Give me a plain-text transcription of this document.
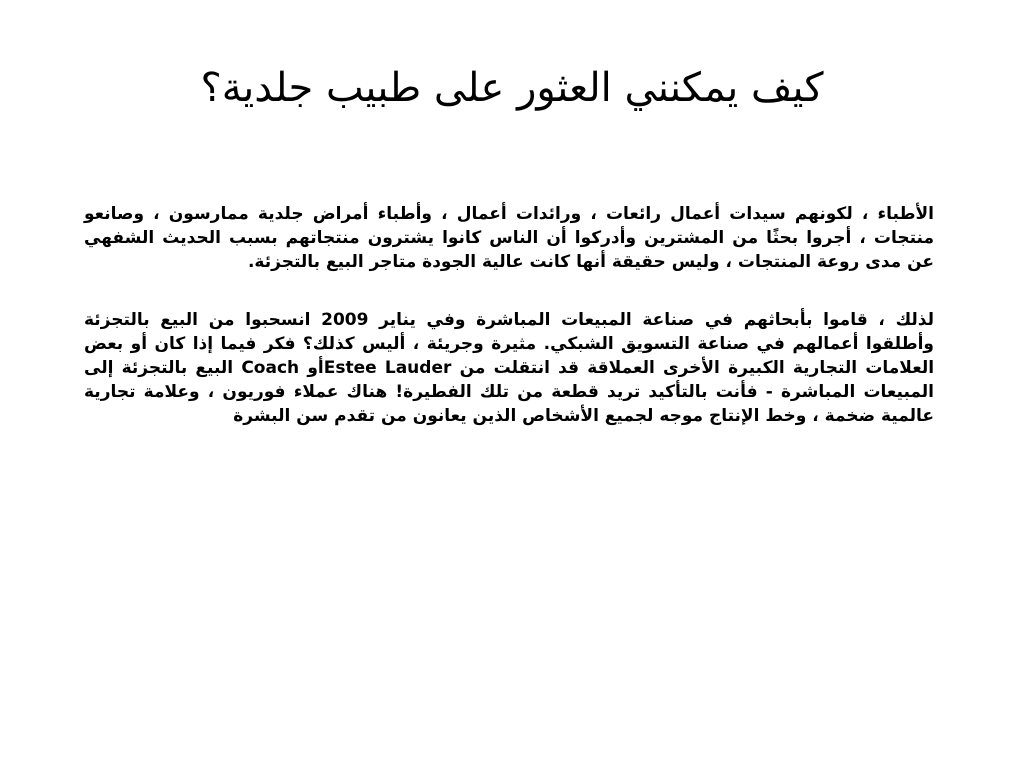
كيف يمكنني العثور على طبيب جلدية؟

الأطباء ، لكونهم سيدات أعمال رائعات ، ورائدات أعمال ، وأطباء أمراض جلدية ممارسون ، وصانعو منتجات ، أجروا بحثًا من المشترين وأدركوا أن الناس كانوا يشترون منتجاتهم بسبب الحديث الشفهي عن مدى روعة المنتجات ، وليس حقيقة أنها كانت عالية الجودة متاجر البيع بالتجزئة.

لذلك ، قاموا بأبحاثهم في صناعة المبيعات المباشرة وفي يناير 2009 انسحبوا من البيع بالتجزئة وأطلقوا أعمالهم في صناعة التسويق الشبكي. مثيرة وجريئة ، أليس كذلك؟ فكر فيما إذا كان أو بعض العلامات التجارية الكبيرة الأخرى العملاقة قد انتقلت من Estee Lauderأو Coach البيع بالتجزئة إلى المبيعات المباشرة - فأنت بالتأكيد تريد قطعة من تلك الفطيرة! هناك عملاء فوريون ، وعلامة تجارية عالمية ضخمة ، وخط الإنتاج موجه لجميع الأشخاص الذين يعانون من تقدم سن البشرة
